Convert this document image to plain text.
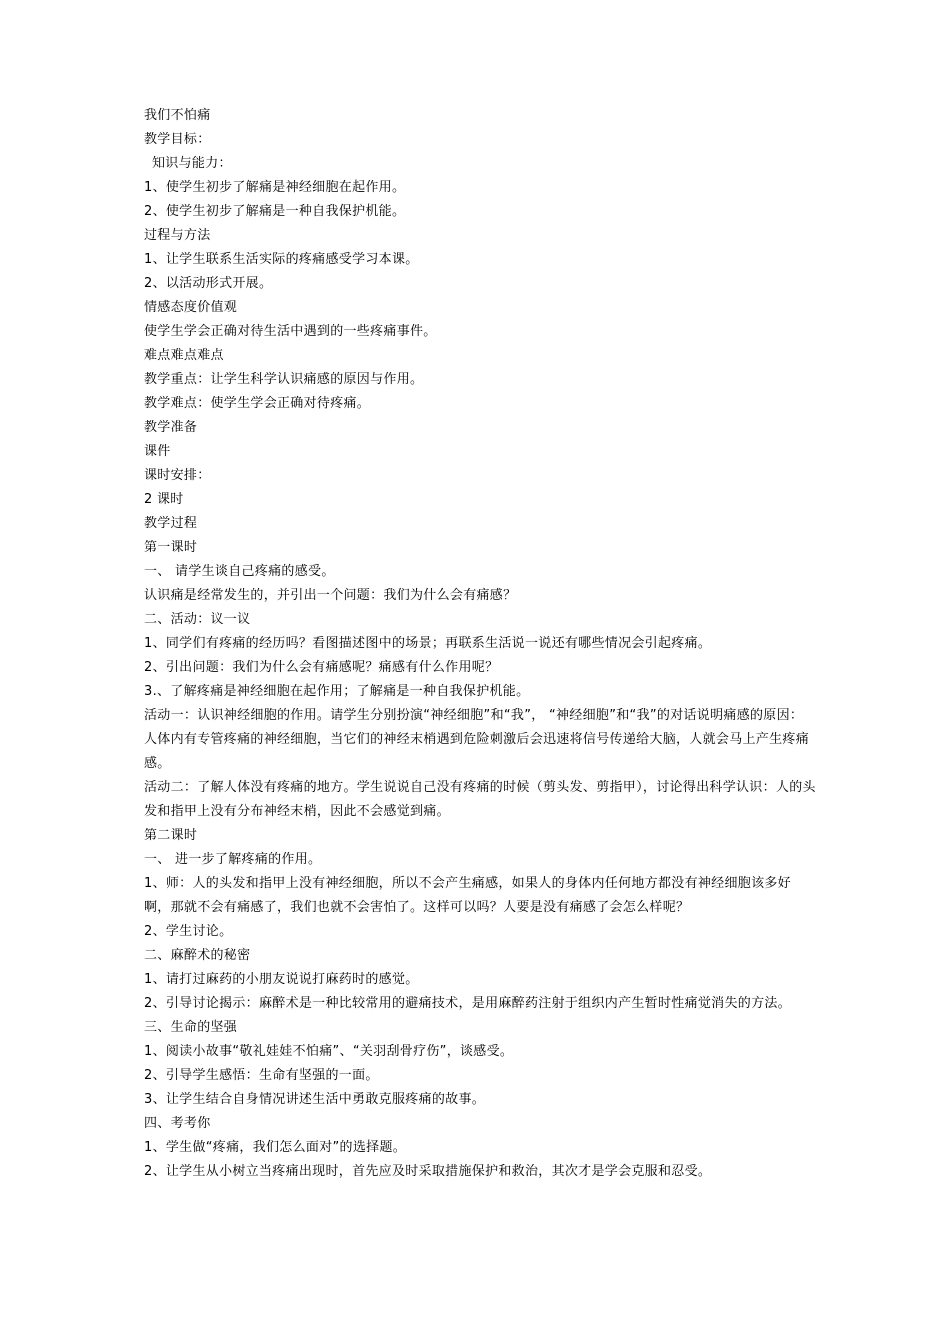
我们不怕痛

教学目标：

知识与能力：

1、使学生初步了解痛是神经细胞在起作用。

2、使学生初步了解痛是一种自我保护机能。

过程与方法

1、让学生联系生活实际的疼痛感受学习本课。

2、以活动形式开展。

情感态度价值观

使学生学会正确对待生活中遇到的一些疼痛事件。

难点难点难点

教学重点：让学生科学认识痛感的原因与作用。

教学难点：使学生学会正确对待疼痛。

教学准备

课件

课时安排：

2 课时

教学过程

第一课时

一、 请学生谈自己疼痛的感受。

认识痛是经常发生的，并引出一个问题：我们为什么会有痛感？

二、活动：议一议

1、同学们有疼痛的经历吗？看图描述图中的场景；再联系生活说一说还有哪些情况会引起疼痛。

2、引出问题：我们为什么会有痛感呢？痛感有什么作用呢？

3.、了解疼痛是神经细胞在起作用；了解痛是一种自我保护机能。

活动一：认识神经细胞的作用。请学生分别扮演“神经细胞”和“我”， “神经细胞”和“我”的对话说明痛感的原因：人体内有专管疼痛的神经细胞，当它们的神经末梢遇到危险刺激后会迅速将信号传递给大脑，人就会马上产生疼痛感。

活动二：了解人体没有疼痛的地方。学生说说自己没有疼痛的时候（剪头发、剪指甲），讨论得出科学认识：人的头发和指甲上没有分布神经末梢，因此不会感觉到痛。

第二课时

一、 进一步了解疼痛的作用。

1、师：人的头发和指甲上没有神经细胞，所以不会产生痛感，如果人的身体内任何地方都没有神经细胞该多好啊，那就不会有痛感了，我们也就不会害怕了。这样可以吗？人要是没有痛感了会怎么样呢？

2、学生讨论。

二、麻醉术的秘密

1、请打过麻药的小朋友说说打麻药时的感觉。

2、引导讨论揭示：麻醉术是一种比较常用的避痛技术，是用麻醉药注射于组织内产生暂时性痛觉消失的方法。

三、生命的坚强

1、阅读小故事“敬礼娃娃不怕痛”、“关羽刮骨疗伤”，谈感受。

2、引导学生感悟：生命有坚强的一面。

3、让学生结合自身情况讲述生活中勇敢克服疼痛的故事。

四、考考你

1、学生做“疼痛，我们怎么面对”的选择题。

2、让学生从小树立当疼痛出现时，首先应及时采取措施保护和救治，其次才是学会克服和忍受。
